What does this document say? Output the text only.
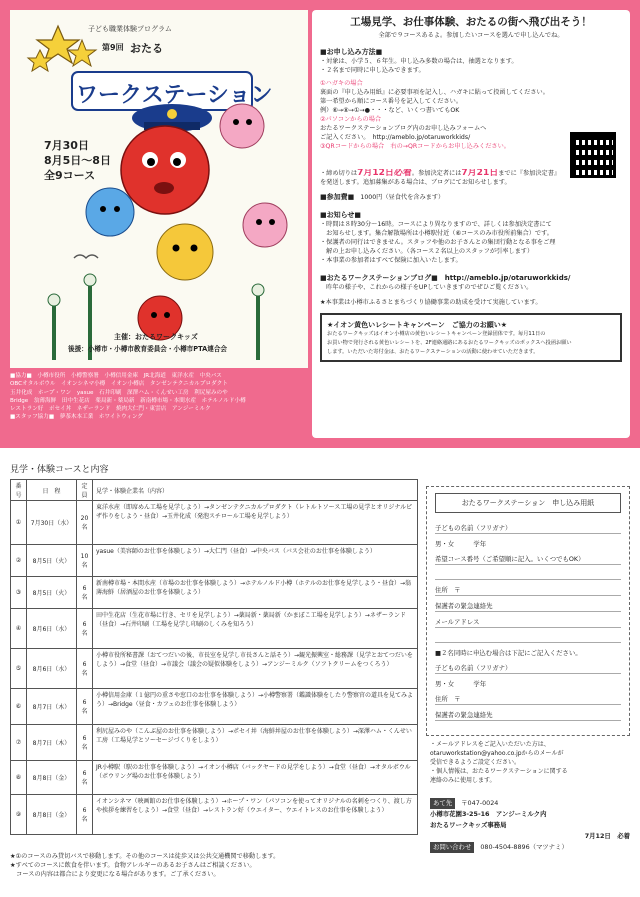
子ども職業体験プログラム
第9回 おたる
ワークステーション
7月30日
8月5日〜8日
全9コース
主催：おたるワークキッズ
後援：小樽市・小樽市教育委員会・小樽市PTA連合会
■協力■　小樽市役所　小樽警察署　小樽信用金庫　JR北海道　東洋水産　中央バス
OBCオタルボウル　イオンシネマ小樽　イオン小樽店　タンゼンテクニカルプロダクト
玉井化成　ホープ・ワン　yasue　石井印刷　深澤ハム・くんせい工房　利尻屋みのや
Bridge　翁薄海鮮　田中生花店　薬局新・薬局新　新南樽市場・本間水産　ホテルノルド小樽
レストラン好　ポセイ丼　ネザーランド　焼肉大仁門・東雲店　アンジーミルク
■スタッフ協力■　夢茶木本工業　ホワイトウィング
工場見学、お仕事体験、おたるの街へ飛び出そう！
全部で９コースあるよ。参加したいコースを選んで申し込んでね。
■お申し込み方法■
・対象は、小学５、６年生。申し込み多数の場合は、抽選となります。
・２名まで同時に申し込みできます。
①ハガキの場合
裏面の『申し込み用紙』に必要事項を記入し、ハガキに貼って投函してください。
第一希望から順にコース番号を記入してください。
例）⑥→⑧→①→●・・・など、いくつ書いてもOK
②パソコンからの場合
おたるワークステーションブログ内のお申し込みフォームへ
ご記入ください。　http://ameblo.jp/otaruworkkids/
③QRコードからの場合　右の→QRコードからお申し込みください。
・締め切りは7月12日必着。参加決定者には7月21日までに『参加決定書』
を発送します。追加募集がある場合は、ブログにてお知らせします。
■参加費■　 1000円（昼食代を含みます）
■お知らせ■
・時間は８時30分〜16時。コースにより異なりますので、詳しくは参加決定書にて
　お知らせします。集合解散場所は小樽駅付近（⑥コースのみ市役所前集合）です。
・保護者の同行はできません。スタッフや他のお子さんとの集団行動となる事をご理
　解の上お申し込みください。（各コース２名以上のスタッフが引率します）
・本事業の参加者はすべて保険に加入いたします。
■おたるワークステーションブログ■　http://ameblo.jp/otaruworkkids/
　昨年の様子や、これからの様子をUPしていきますのでぜひご覧ください。
★本事業は小樽市ふるさとまちづくり協働事業の助成を受けて実施しています。
★イオン黄色いレシートキャンペーン　ご協力のお願い★
おたるワークキッズはイオン小樽店の黄色いレシートキャンペーン登録団体です。毎月11日の
お買い物で発行される黄色いレシートを、2F連絡通路にあるおたるワークキッズのボックスへ投函お願い
します。いただいた寄付金は、おたるワークステーションの活動に使わせていただきます。
見学・体験コースと内容
番号	日　程	定員	見学・体験企業名（内容）
①	7月30日（水）	20名	東洋水産（即席めん工場を見学しよう）→タンゼンテクニカルプロダクト（レトルトソース工場の見学とオリジナルピザ作りをしよう・昼食）→玉井化成（発泡スチロール工場を見学しよう）
②	8月5日（火）	10名	yasue（美容師のお仕事を体験しよう）→大仁門（昼食）→中央バス（バス会社のお仕事を体験しよう）
③	8月5日（火）	6名	新南樽市場・本間水産（市場のお仕事を体験しよう）→ホテルノルド小樽（ホテルのお仕事を見学しよう・昼食）→翁薄海鮮（居酒屋のお仕事を体験しよう）
④	8月6日（水）	6名	田中生花店（生花市場に行き、セリを見学しよう）→薬局新・薬局新（かまぼこ工場を見学しよう）→ネザーランド（昼食）→石井印刷（工場を見学し印刷のしくみを知ろう）
⑤	8月6日（水）	6名	小樽市役所秘書課（おてつだいの後、市長室を見学し市長さんと話そう）→観光振興室・総務課（見学とおてつだいをしよう）→食堂（昼食）→市議会（議会の疑似体験をしよう）→アンジーミルク（ソフトクリームをつくろう）
⑥	8月7日（木）	6名	小樽信用金庫（１億円の重さや窓口のお仕事を体験しよう）→小樽警察署（鑑識体験をしたり警察官の道具を見てみよう）→Bridge（昼食・カフェのお仕事を体験しよう）
⑦	8月7日（木）	6名	利尻屋みのや（こんぶ屋のお仕事を体験しよう）→ポセイ丼（海鮮丼屋のお仕事を体験しよう）→深澤ハム・くんせい工房（工場見学とソーセージづくりをしよう）
⑧	8月8日（金）	6名	JR小樽駅（駅のお仕事を体験しよう）→イオン小樽店（バックヤードの見学をしよう）→食堂（昼食）→オタルボウル（ボウリング場のお仕事を体験しよう）
⑨	8月8日（金）	6名	イオンシネマ（映画館のお仕事を体験しよう）→ホープ・ワン（パソコンを使ってオリジナルの名刺をつくり、渡し方や挨拶を練習をしよう）→食堂（昼食）→レストラン好（ウエイター、ウエイトレスのお仕事を体験しよう）
★①のコースのみ貸切バスで移動します。その他のコースは徒歩又は公共交通機関で移動します。
★すべてのコースに飲食を伴います。食物アレルギーのあるお子さんはご相談ください。
　コースの内容は都合により変更になる場合があります。ご了承ください。
おたるワークステーション　申し込み用紙
子どもの名前（フリガナ）
男・女　　　学年
希望コース番号（ご希望順に記入。いくつでもOK）
住所　〒
保護者の緊急連絡先
メールアドレス
■２名同時に申込む場合は下記にご記入ください。
子どもの名前（フリガナ）
男・女　　　学年
住所　〒
保護者の緊急連絡先
・メールアドレスをご記入いただいた方は、
otaruworkstation@yahoo.co.jpからのメールが
受信できるようご設定ください。
・個人情報は、おたるワークステーションに関する
連絡のみに使用します。
あて先	〒047-0024
小樽市花園3-25-16　アンジーミルク内
おたるワークキッズ事務局
7月12日　必着
お問い合わせ	080-4504-8896（マツナミ）
